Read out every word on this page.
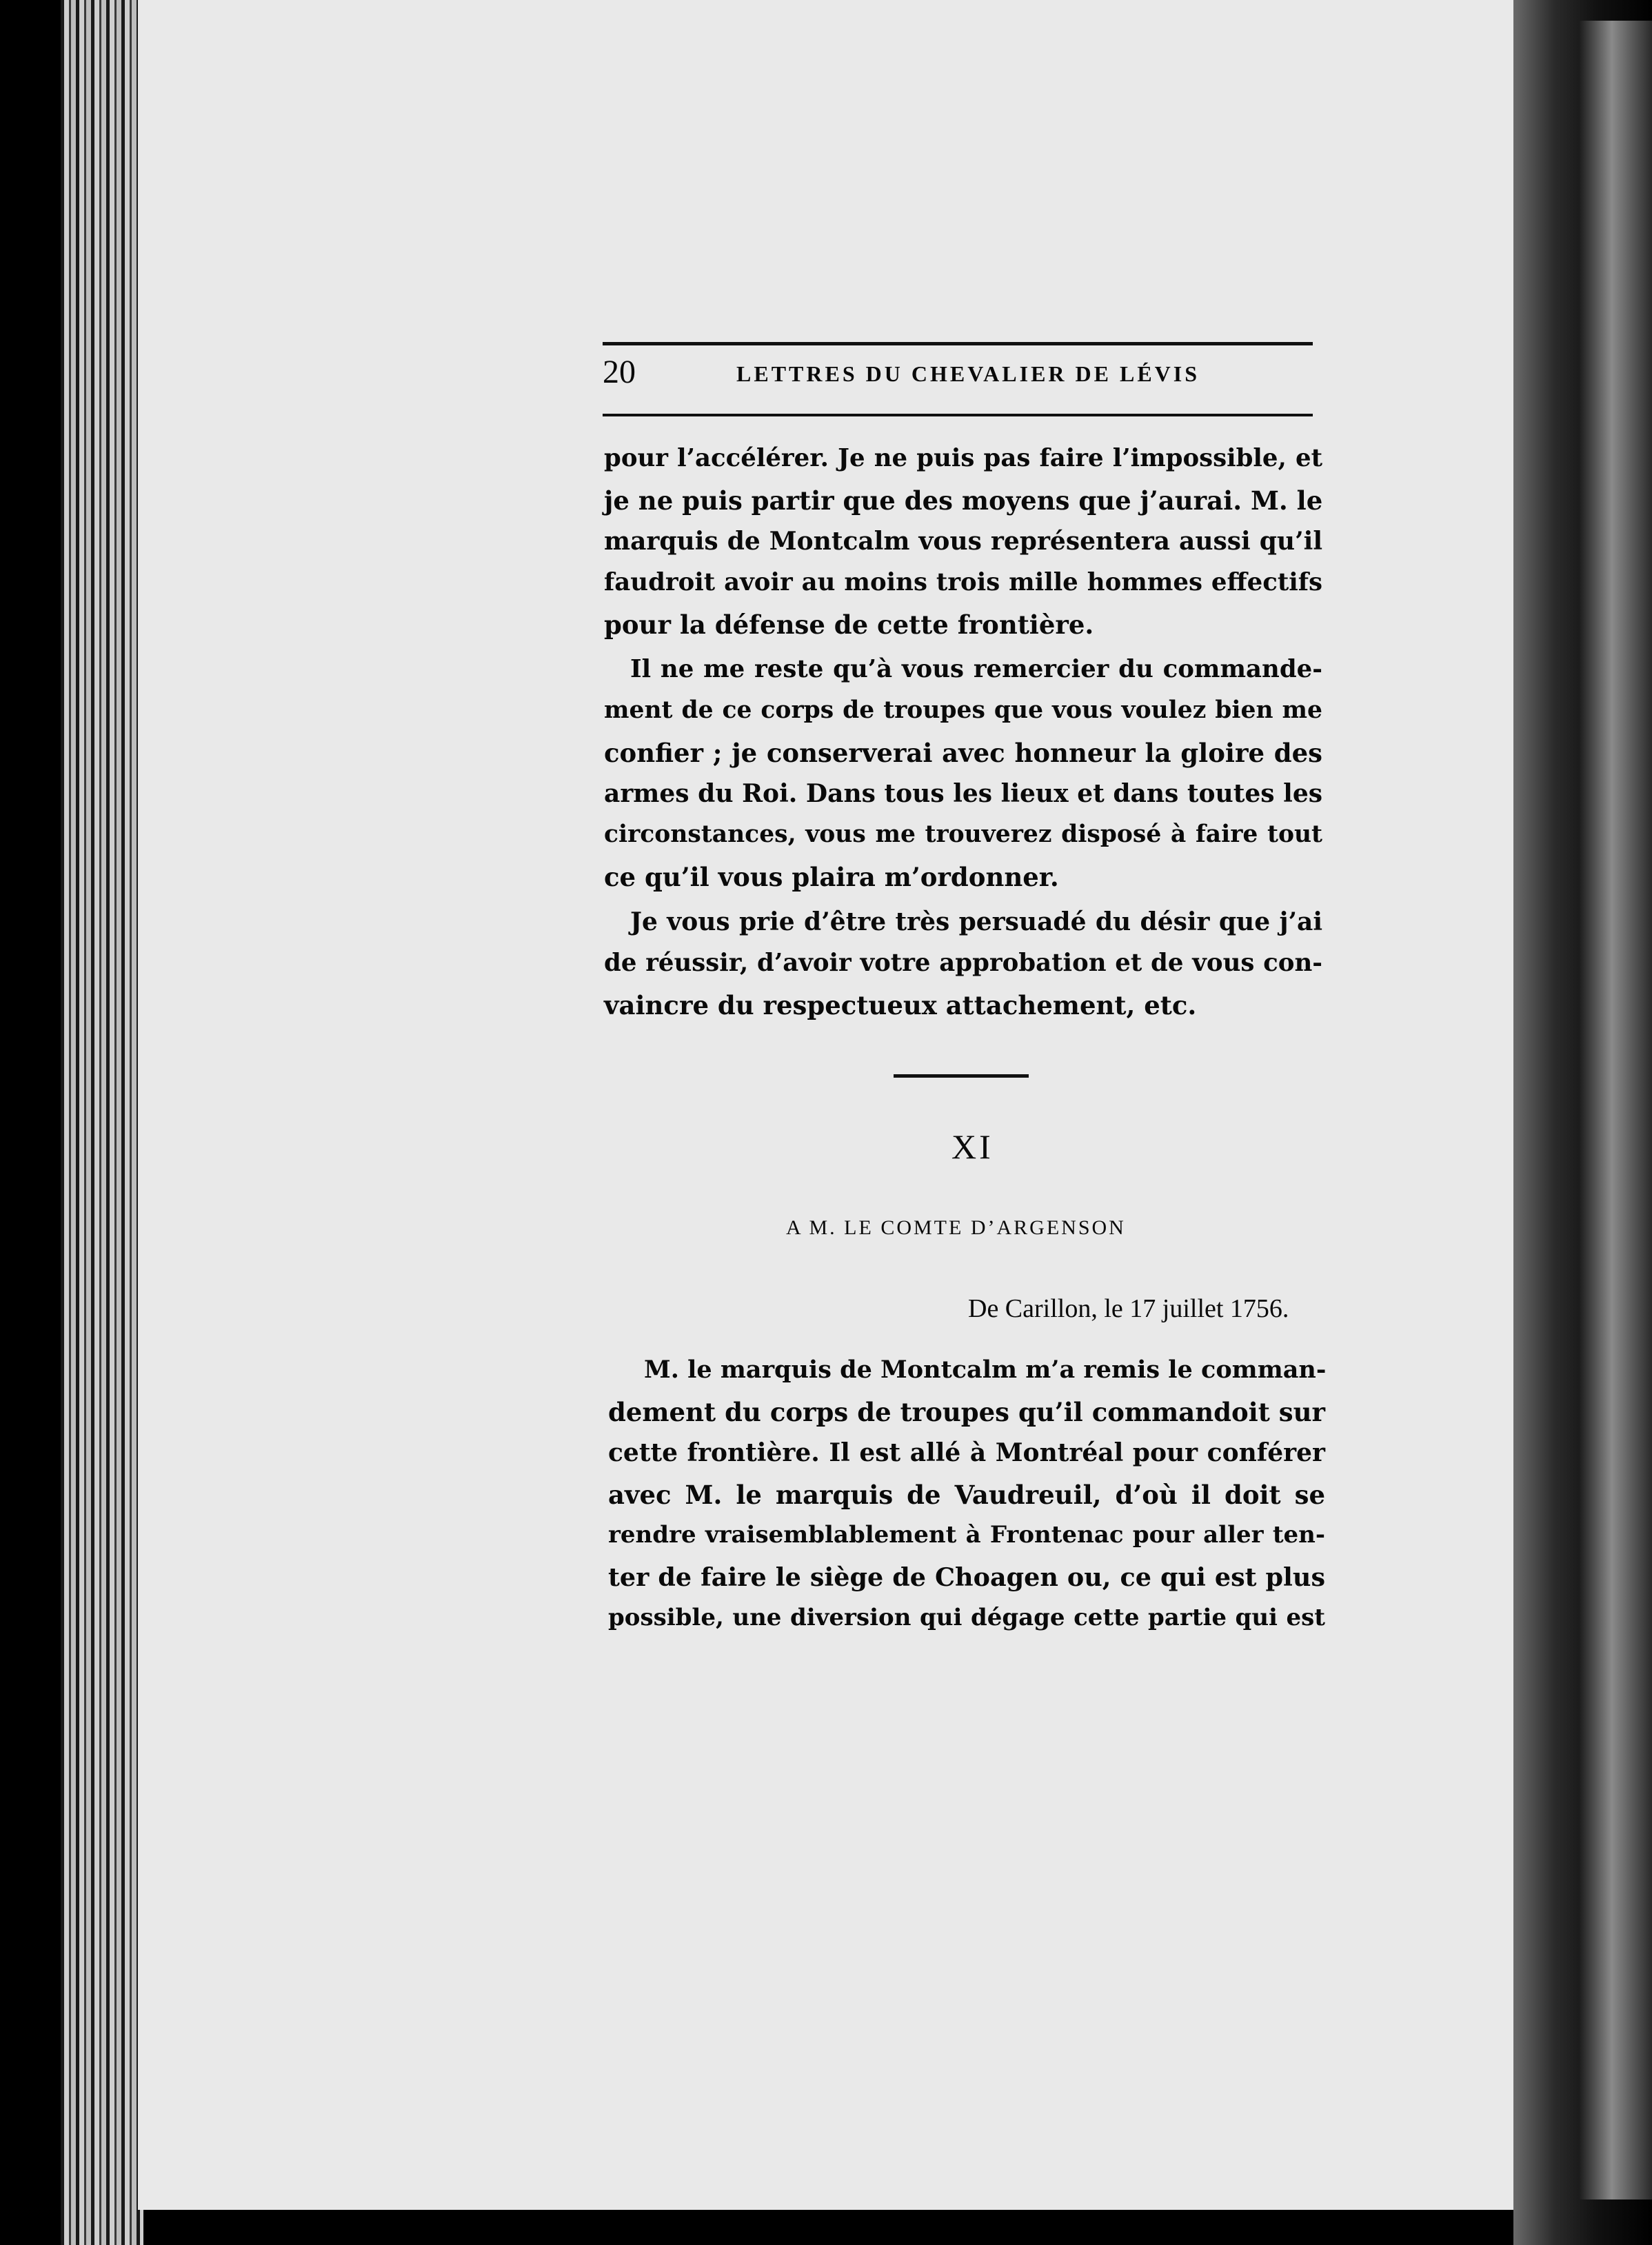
20	LETTRES DU CHEVALIER DE LÉVIS
pour l’accélérer. Je ne puis pas faire l’impossible, et
je ne puis partir que des moyens que j’aurai. M. le
marquis de Montcalm vous représentera aussi qu’il
faudroit avoir au moins trois mille hommes effectifs
pour la défense de cette frontière.
Il ne me reste qu’à vous remercier du commande-
ment de ce corps de troupes que vous voulez bien me
confier ; je conserverai avec honneur la gloire des
armes du Roi. Dans tous les lieux et dans toutes les
circonstances, vous me trouverez disposé à faire tout
ce qu’il vous plaira m’ordonner.
Je vous prie d’être très persuadé du désir que j’ai
de réussir, d’avoir votre approbation et de vous con-
vaincre du respectueux attachement, etc.
XI
A M. LE COMTE D’ARGENSON
De Carillon, le 17 juillet 1756.
M. le marquis de Montcalm m’a remis le comman-
dement du corps de troupes qu’il commandoit sur
cette frontière. Il est allé à Montréal pour conférer
avec M. le marquis de Vaudreuil, d’où il doit se
rendre vraisemblablement à Frontenac pour aller ten-
ter de faire le siège de Choagen ou, ce qui est plus
possible, une diversion qui dégage cette partie qui est
